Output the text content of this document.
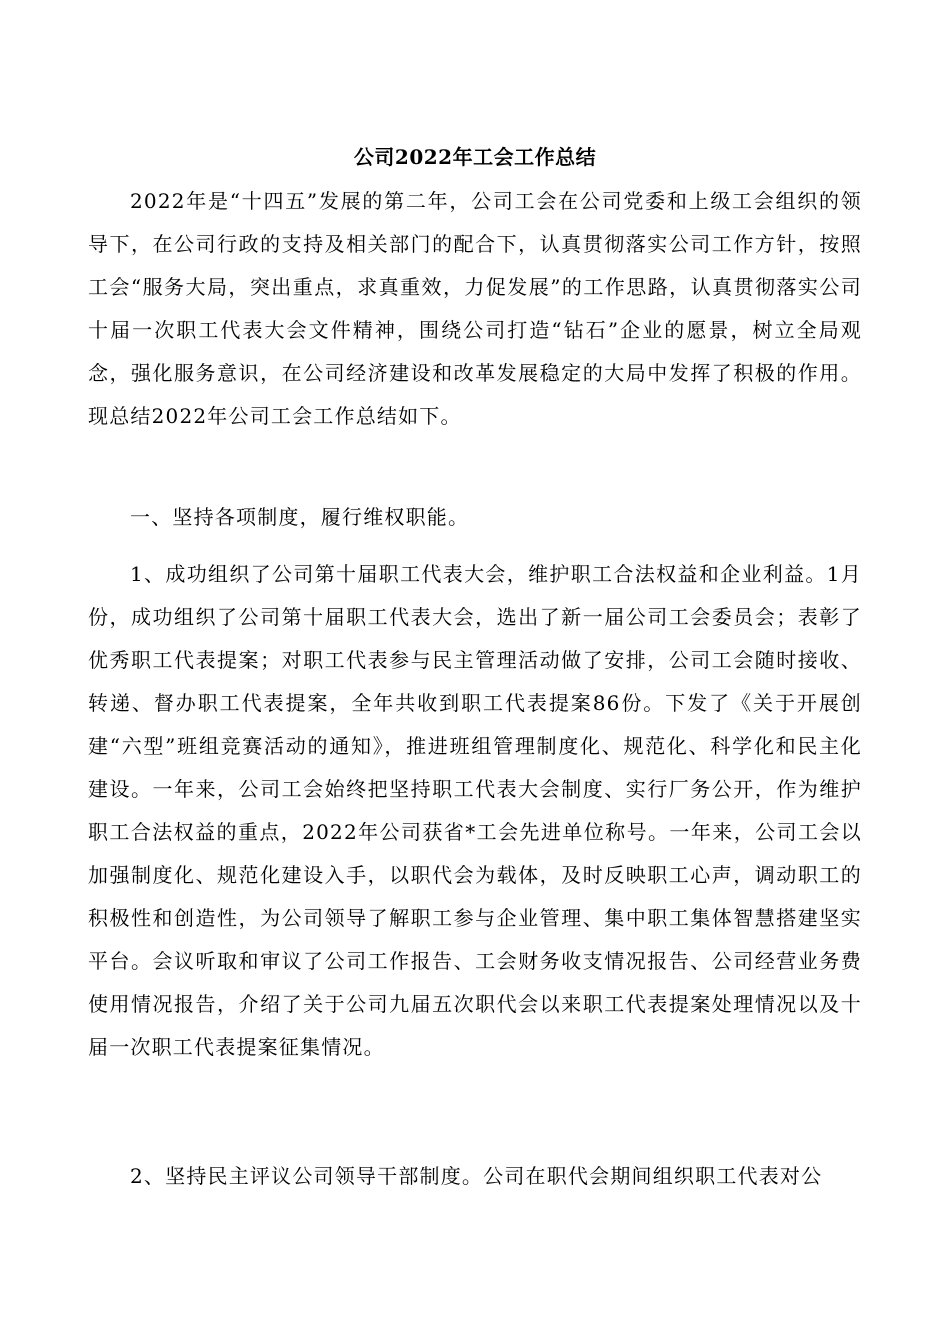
公司2022年工会工作总结

2022年是“十四五”发展的第二年，公司工会在公司党委和上级工会组织的领导下，在公司行政的支持及相关部门的配合下，认真贯彻落实公司工作方针，按照工会“服务大局，突出重点，求真重效，力促发展”的工作思路，认真贯彻落实公司十届一次职工代表大会文件精神，围绕公司打造“钻石”企业的愿景，树立全局观念，强化服务意识，在公司经济建设和改革发展稳定的大局中发挥了积极的作用。现总结2022年公司工会工作总结如下。

一、坚持各项制度，履行维权职能。

1、成功组织了公司第十届职工代表大会，维护职工合法权益和企业利益。1月份，成功组织了公司第十届职工代表大会，选出了新一届公司工会委员会；表彰了优秀职工代表提案；对职工代表参与民主管理活动做了安排，公司工会随时接收、转递、督办职工代表提案，全年共收到职工代表提案86份。下发了《关于开展创建“六型”班组竞赛活动的通知》，推进班组管理制度化、规范化、科学化和民主化建设。一年来，公司工会始终把坚持职工代表大会制度、实行厂务公开，作为维护职工合法权益的重点，2022年公司获省*工会先进单位称号。一年来，公司工会以加强制度化、规范化建设入手，以职代会为载体，及时反映职工心声，调动职工的积极性和创造性，为公司领导了解职工参与企业管理、集中职工集体智慧搭建坚实平台。会议听取和审议了公司工作报告、工会财务收支情况报告、公司经营业务费使用情况报告，介绍了关于公司九届五次职代会以来职工代表提案处理情况以及十届一次职工代表提案征集情况。

2、坚持民主评议公司领导干部制度。公司在职代会期间组织职工代表对公
